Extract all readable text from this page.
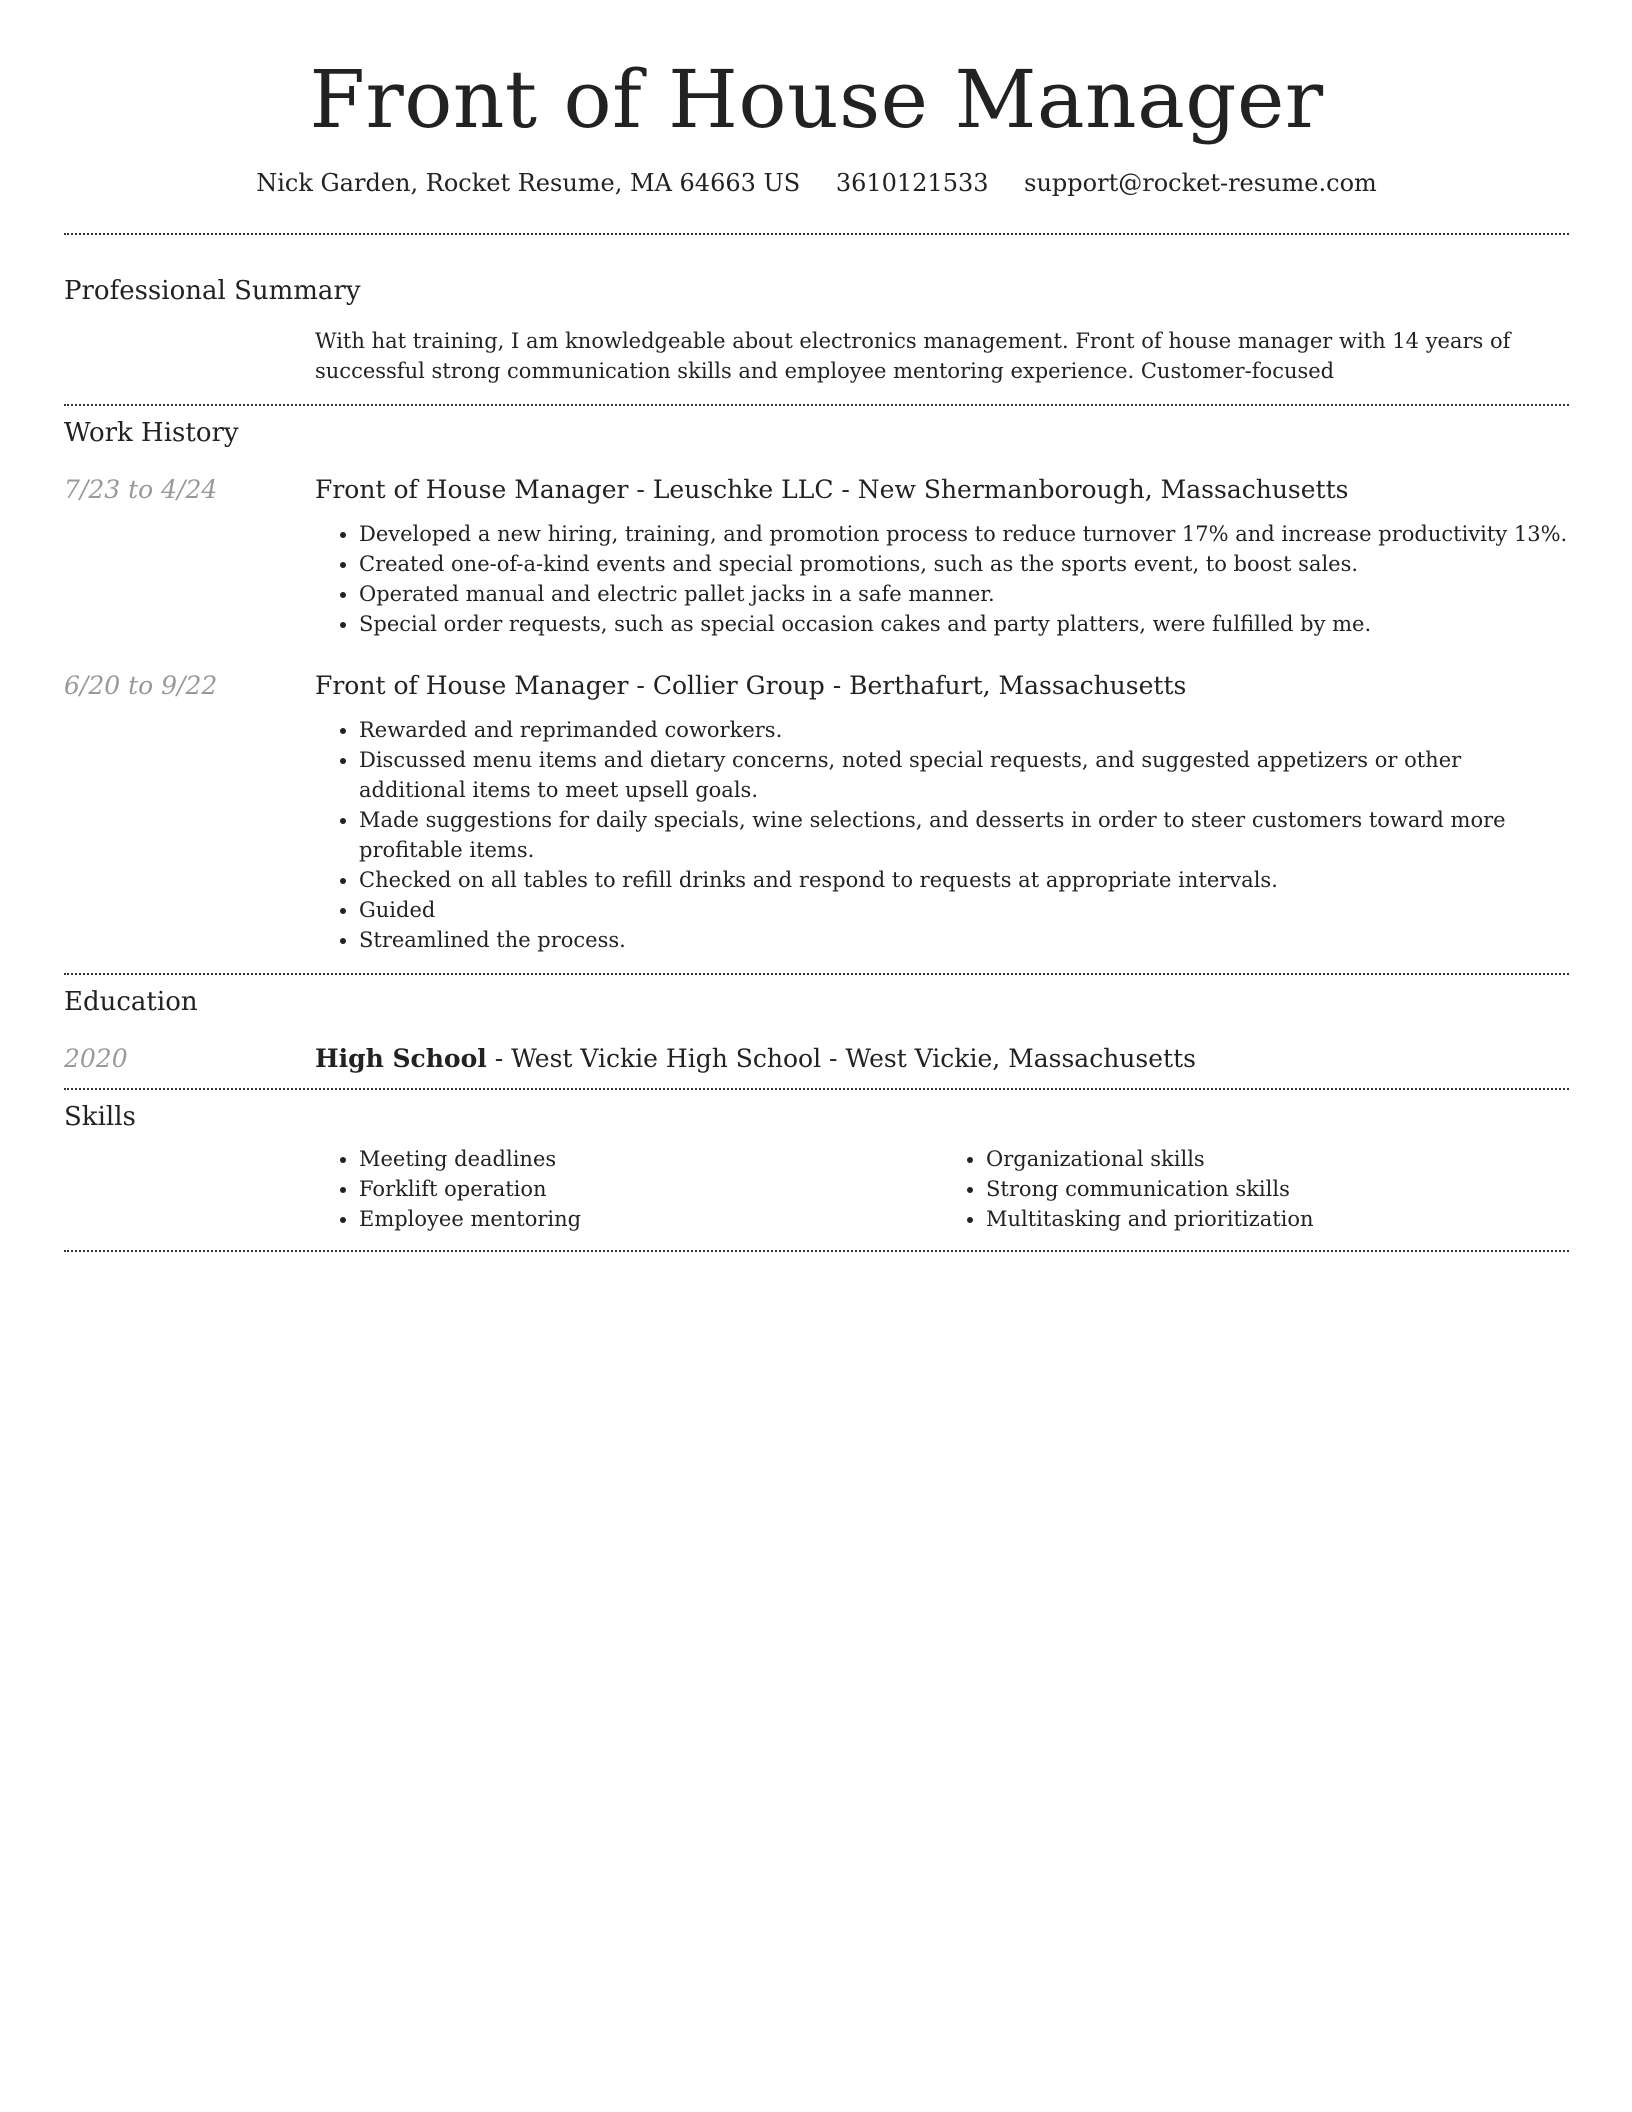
Front of House Manager
Nick Garden, Rocket Resume, MA 64663 US 3610121533 support@rocket-resume.com
Professional Summary
With hat training, I am knowledgeable about electronics management. Front of house manager with 14 years of successful strong communication skills and employee mentoring experience. Customer-focused
Work History
7/23 to 4/24	Front of House Manager - Leuschke LLC - New Shermanborough, Massachusetts
• Developed a new hiring, training, and promotion process to reduce turnover 17% and increase productivity 13%.
• Created one-of-a-kind events and special promotions, such as the sports event, to boost sales.
• Operated manual and electric pallet jacks in a safe manner.
• Special order requests, such as special occasion cakes and party platters, were fulfilled by me.
6/20 to 9/22	Front of House Manager - Collier Group - Berthafurt, Massachusetts
• Rewarded and reprimanded coworkers.
• Discussed menu items and dietary concerns, noted special requests, and suggested appetizers or other additional items to meet upsell goals.
• Made suggestions for daily specials, wine selections, and desserts in order to steer customers toward more profitable items.
• Checked on all tables to refill drinks and respond to requests at appropriate intervals.
• Guided
• Streamlined the process.
Education
2020	High School - West Vickie High School - West Vickie, Massachusetts
Skills
• Meeting deadlines
• Forklift operation
• Employee mentoring
• Organizational skills
• Strong communication skills
• Multitasking and prioritization
